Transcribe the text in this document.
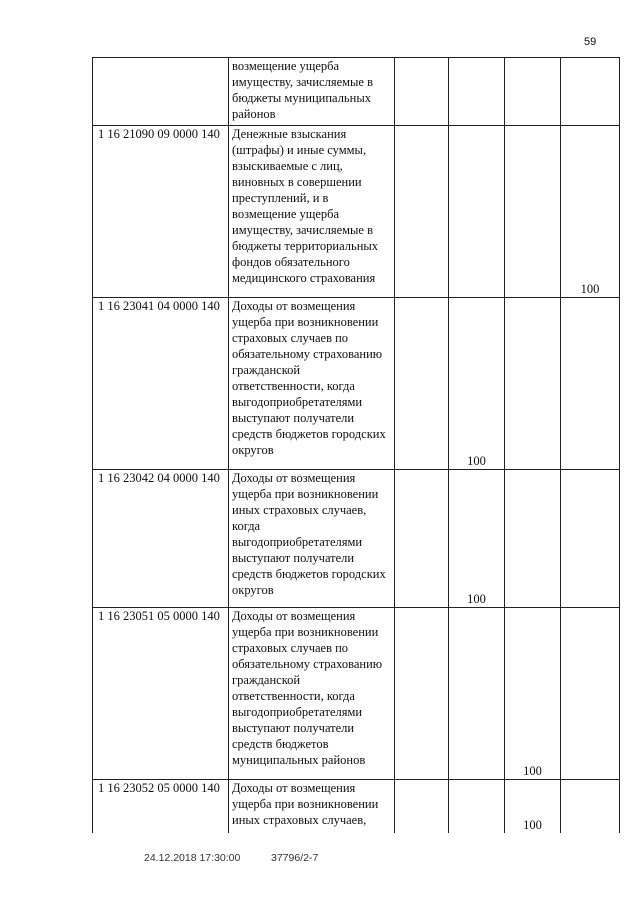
59
	возмещение ущерба имуществу, зачисляемые в бюджеты муниципальных районов				
1 16 21090 09 0000 140	Денежные взыскания (штрафы) и иные суммы, взыскиваемые с лиц, виновных в совершении преступлений, и в возмещение ущерба имуществу, зачисляемые в бюджеты территориальных фондов обязательного медицинского страхования				100
1 16 23041 04 0000 140	Доходы от возмещения ущерба при возникновении страховых случаев по обязательному страхованию гражданской ответственности, когда выгодоприобретателями выступают получатели средств бюджетов городских округов		100		
1 16 23042 04 0000 140	Доходы от возмещения ущерба при возникновении иных страховых случаев, когда выгодоприобретателями выступают получатели средств бюджетов городских округов		100		
1 16 23051 05 0000 140	Доходы от возмещения ущерба при возникновении страховых случаев по обязательному страхованию гражданской ответственности, когда выгодоприобретателями выступают получатели средств бюджетов муниципальных районов			100	
1 16 23052 05 0000 140	Доходы от возмещения ущерба при возникновении иных страховых случаев,			100	
24.12.2018 17:30:00	37796/2-7
